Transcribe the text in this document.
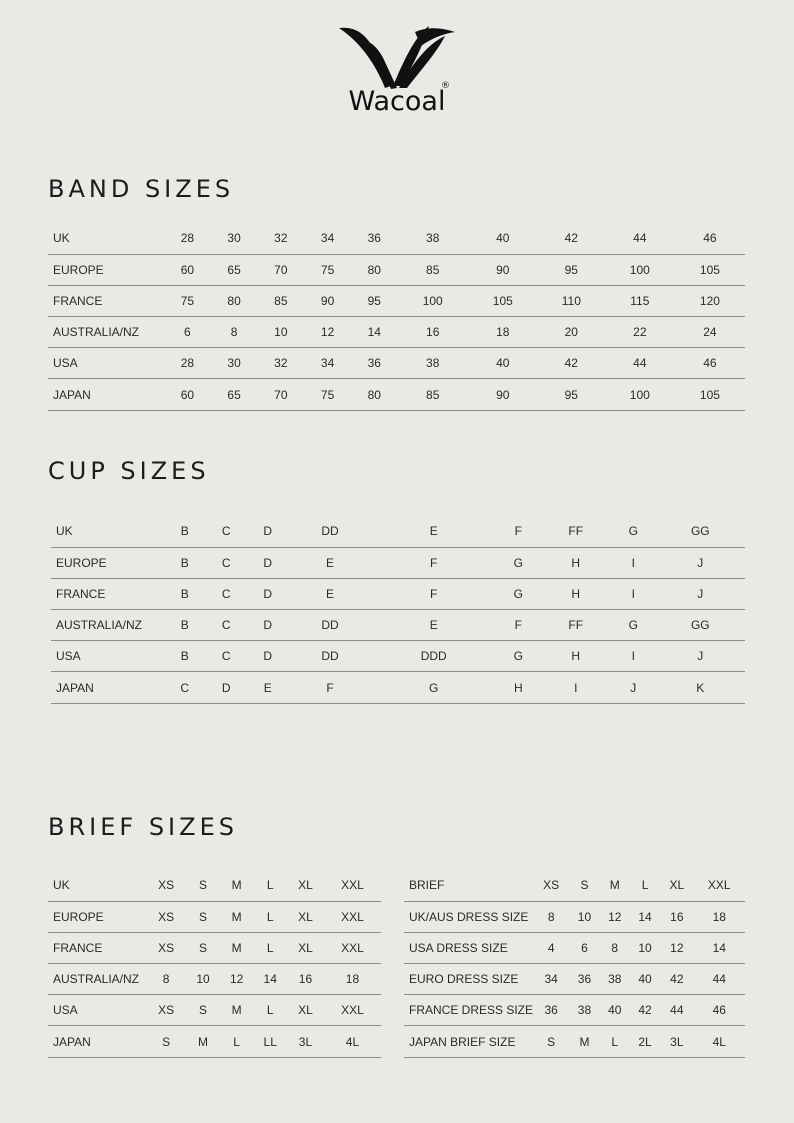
®
Wacoal
BAND SIZES
UK	28	30	32	34	36	38	40	42	44	46
EUROPE	60	65	70	75	80	85	90	95	100	105
FRANCE	75	80	85	90	95	100	105	110	115	120
AUSTRALIA/NZ	6	8	10	12	14	16	18	20	22	24
USA	28	30	32	34	36	38	40	42	44	46
JAPAN	60	65	70	75	80	85	90	95	100	105
CUP SIZES
UK	B	C	D	DD	E	F	FF	G	GG
EUROPE	B	C	D	E	F	G	H	I	J
FRANCE	B	C	D	E	F	G	H	I	J
AUSTRALIA/NZ	B	C	D	DD	E	F	FF	G	GG
USA	B	C	D	DD	DDD	G	H	I	J
JAPAN	C	D	E	F	G	H	I	J	K
BRIEF SIZES
UK	XS	S	M	L	XL	XXL
EUROPE	XS	S	M	L	XL	XXL
FRANCE	XS	S	M	L	XL	XXL
AUSTRALIA/NZ	8	10	12	14	16	18
USA	XS	S	M	L	XL	XXL
JAPAN	S	M	L	LL	3L	4L
BRIEF	XS	S	M	L	XL	XXL
UK/AUS DRESS SIZE	8	10	12	14	16	18
USA DRESS SIZE	4	6	8	10	12	14
EURO DRESS SIZE	34	36	38	40	42	44
FRANCE DRESS SIZE	36	38	40	42	44	46
JAPAN BRIEF SIZE	S	M	L	2L	3L	4L
